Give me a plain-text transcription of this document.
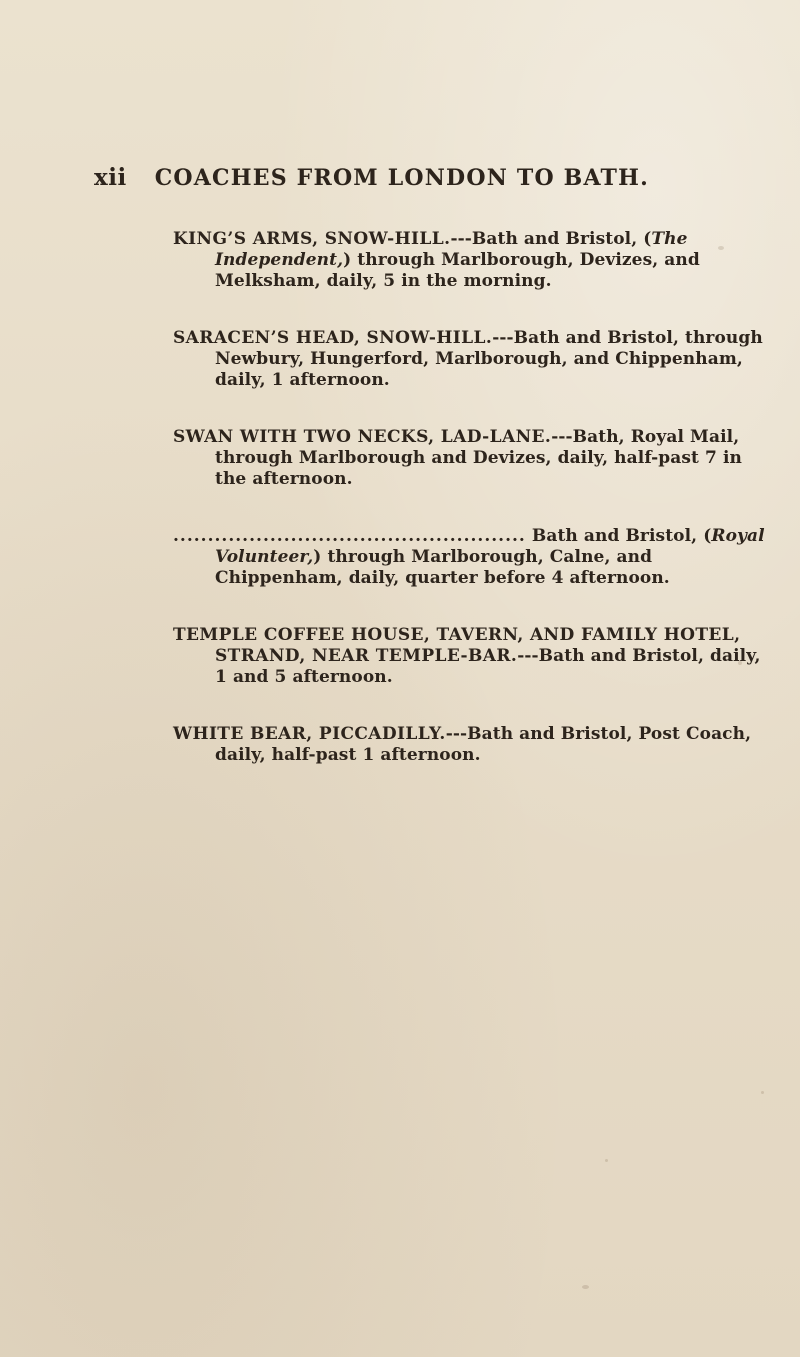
xii COACHES FROM LONDON TO BATH.

KING’S ARMS, SNOW-HILL.---Bath and Bristol, (The Independent,) through Marlborough, Devizes, and Melksham, daily, 5 in the morning.

SARACEN’S HEAD, SNOW-HILL.---Bath and Bristol, through Newbury, Hungerford, Marlborough, and Chippenham, daily, 1 afternoon.

SWAN WITH TWO NECKS, LAD-LANE.---Bath, Royal Mail, through Marlborough and Devizes, daily, half-past 7 in the afternoon.

................................................... Bath and Bristol, (Royal Volunteer,) through Marlborough, Calne, and Chippenham, daily, quarter before 4 afternoon.

TEMPLE COFFEE HOUSE, TAVERN, AND FAMILY HOTEL, STRAND, NEAR TEMPLE-BAR.---Bath and Bristol, daily, 1 and 5 afternoon.

WHITE BEAR, PICCADILLY.---Bath and Bristol, Post Coach, daily, half-past 1 afternoon.
